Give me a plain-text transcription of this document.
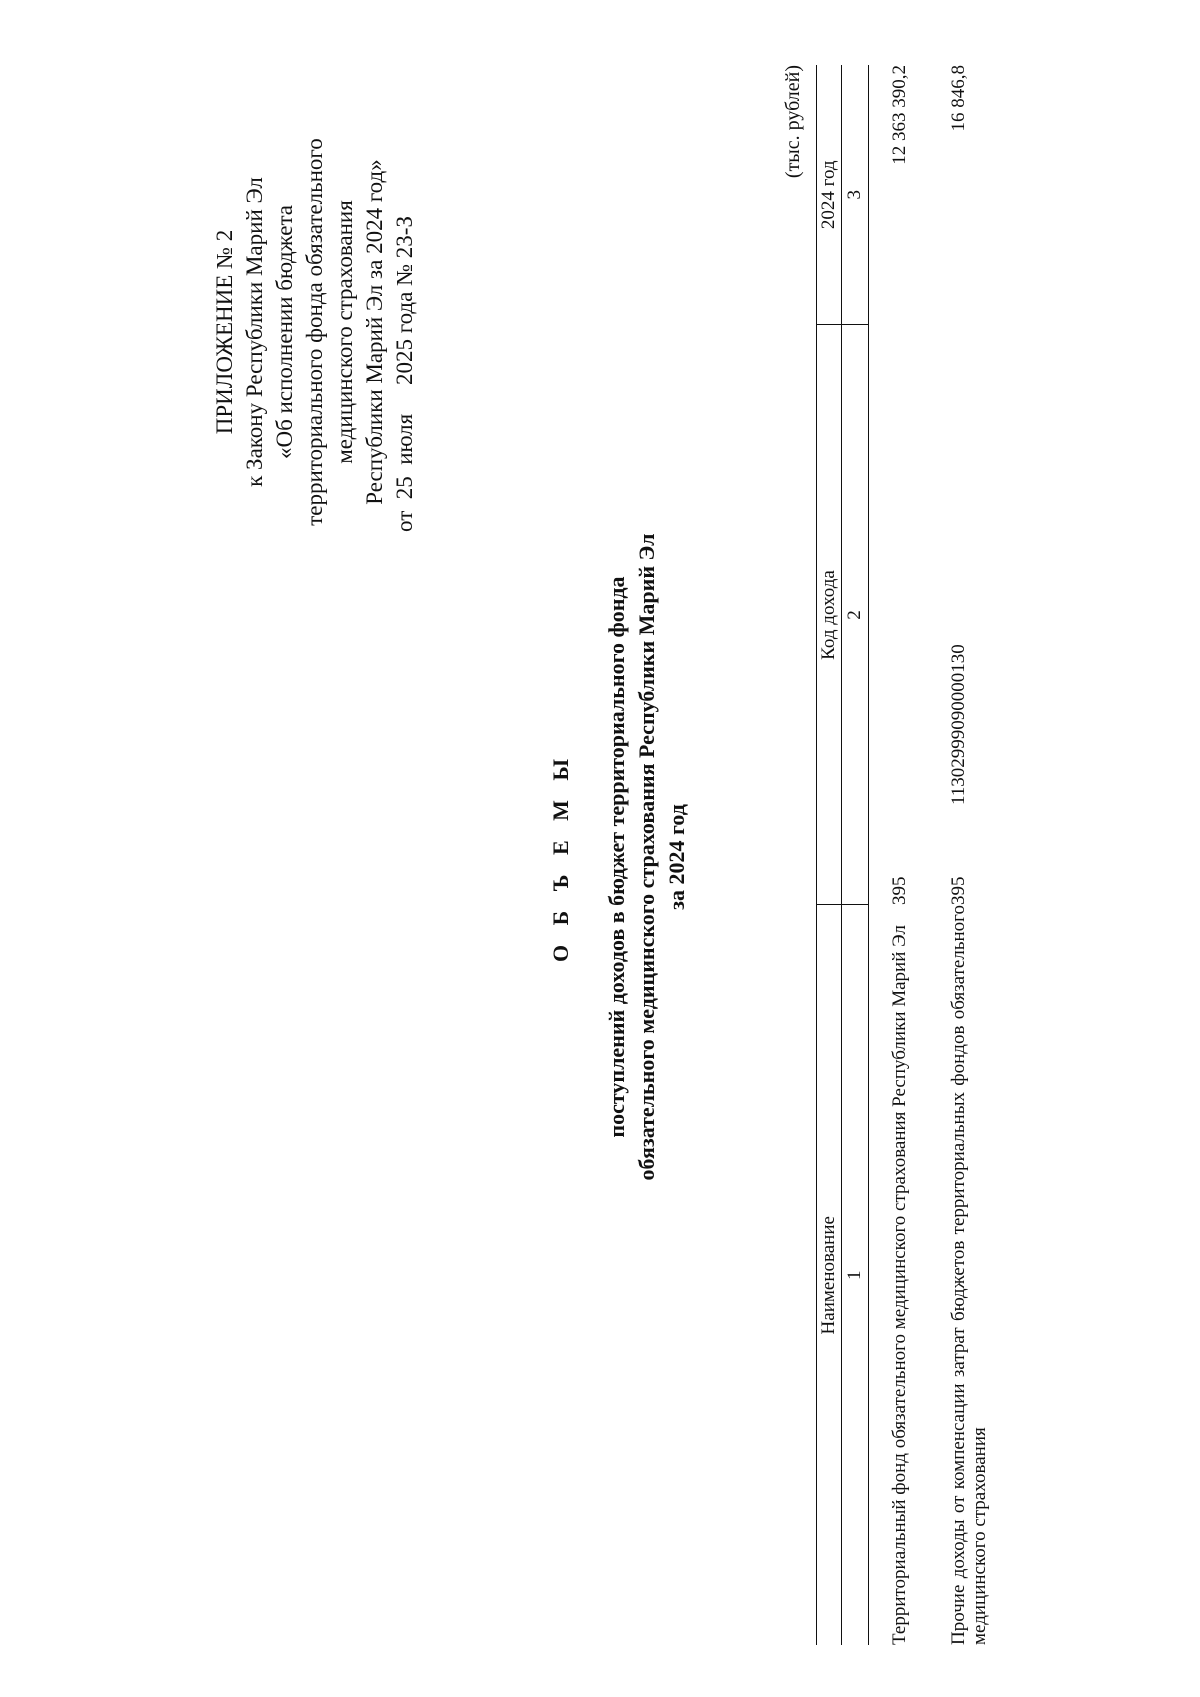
ПРИЛОЖЕНИЕ № 2 к Закону Республики Марий Эл «Об исполнении бюджета территориального фонда обязательного медицинского страхования Республики Марий Эл за 2024 год»
от  25  июля     2025 года № 23-З
О Б Ъ Е М Ы поступлений доходов в бюджет территориального фонда обязательного медицинского страхования Республики Марий Эл за 2024 год
(тыс. рублей)
Наименование	Код дохода	2024 год
1	2	3

Территориальный фонд обязательного медицинского страхования Республики Марий Эл	395	12 363 390,2
Прочие доходы от компенсации затрат бюджетов территориальных фондов обязательного медицинского страхования	39511302999090000130	16 846,8
